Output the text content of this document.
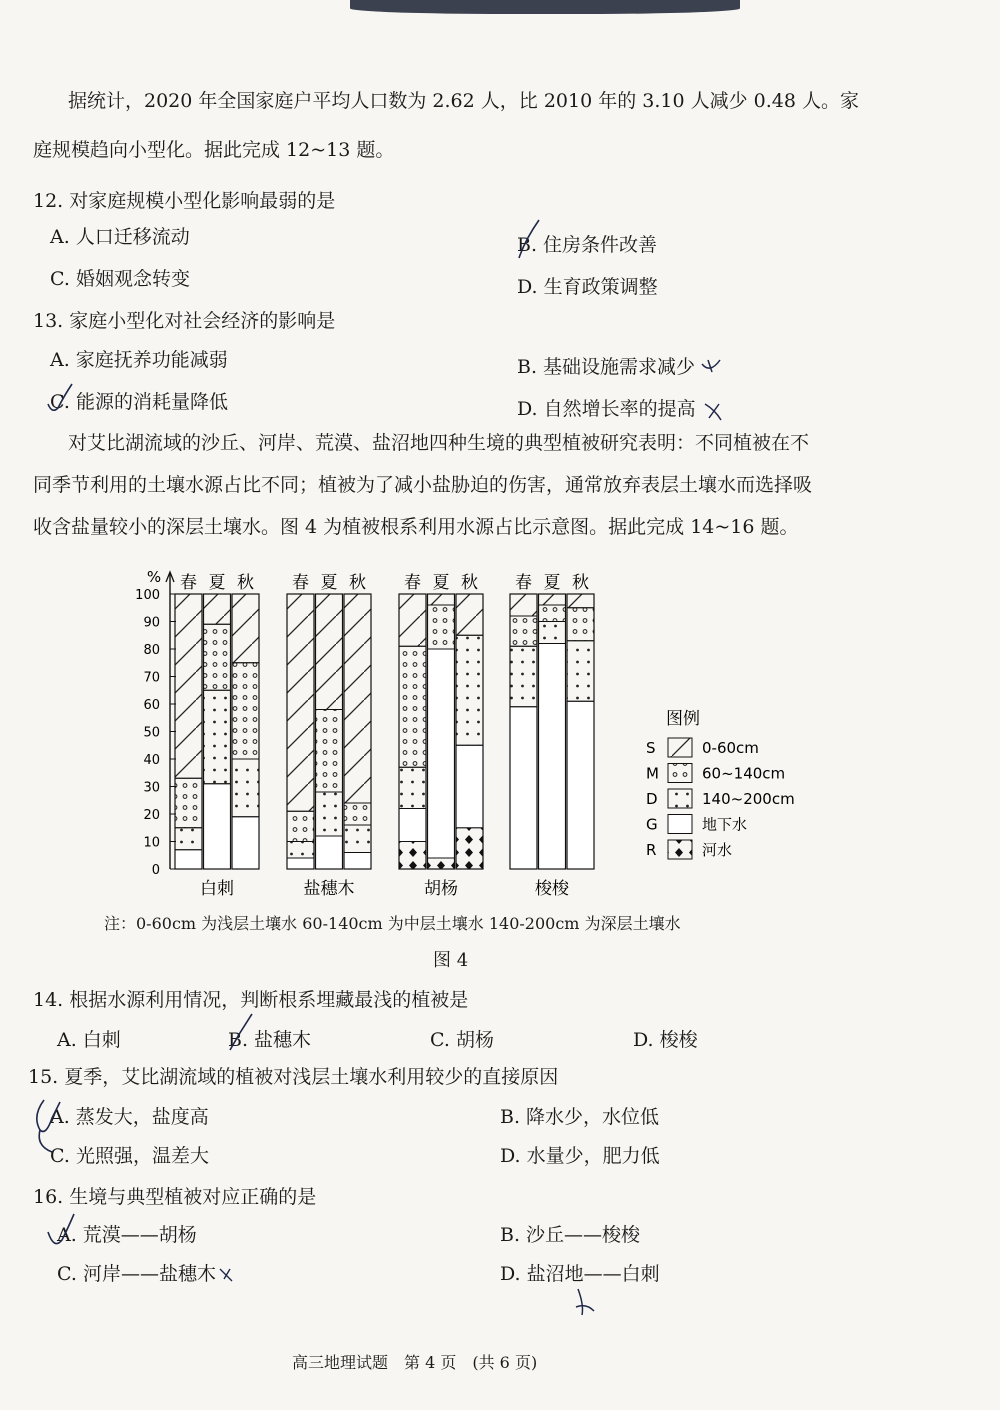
据统计，2020 年全国家庭户平均人口数为 2.62 人，比 2010 年的 3.10 人减少 0.48 人。家
庭规模趋向小型化。据此完成 12~13 题。
12. 对家庭规模小型化影响最弱的是
A. 人口迁移流动	B. 住房条件改善
C. 婚姻观念转变	D. 生育政策调整
13. 家庭小型化对社会经济的影响是
A. 家庭抚养功能减弱	B. 基础设施需求减少
C. 能源的消耗量降低	D. 自然增长率的提高
对艾比湖流域的沙丘、河岸、荒漠、盐沼地四种生境的典型植被研究表明：不同植被在不
同季节利用的土壤水源占比不同；植被为了减小盐胁迫的伤害，通常放弃表层土壤水而选择吸
收含盐量较小的深层土壤水。图 4 为植被根系利用水源占比示意图。据此完成 14~16 题。
%
0
10
20
30
40
50
60
70
80
90
100
春 夏 秋
白刺
春 夏 秋
盐穗木
春 夏 秋
胡杨
春 夏 秋
梭梭
图例
S	0-60cm
M	60~140cm
D	140~200cm
G	地下水
R	河水
注：0-60cm 为浅层土壤水 60-140cm 为中层土壤水 140-200cm 为深层土壤水
图 4
14. 根据水源利用情况，判断根系埋藏最浅的植被是
A. 白刺	B. 盐穗木	C. 胡杨	D. 梭梭
15. 夏季，艾比湖流域的植被对浅层土壤水利用较少的直接原因
A. 蒸发大，盐度高	B. 降水少，水位低
C. 光照强，温差大	D. 水量少，肥力低
16. 生境与典型植被对应正确的是
A. 荒漠——胡杨	B. 沙丘——梭梭
C. 河岸——盐穗木	D. 盐沼地——白刺
高三地理试题　第 4 页　(共 6 页)
